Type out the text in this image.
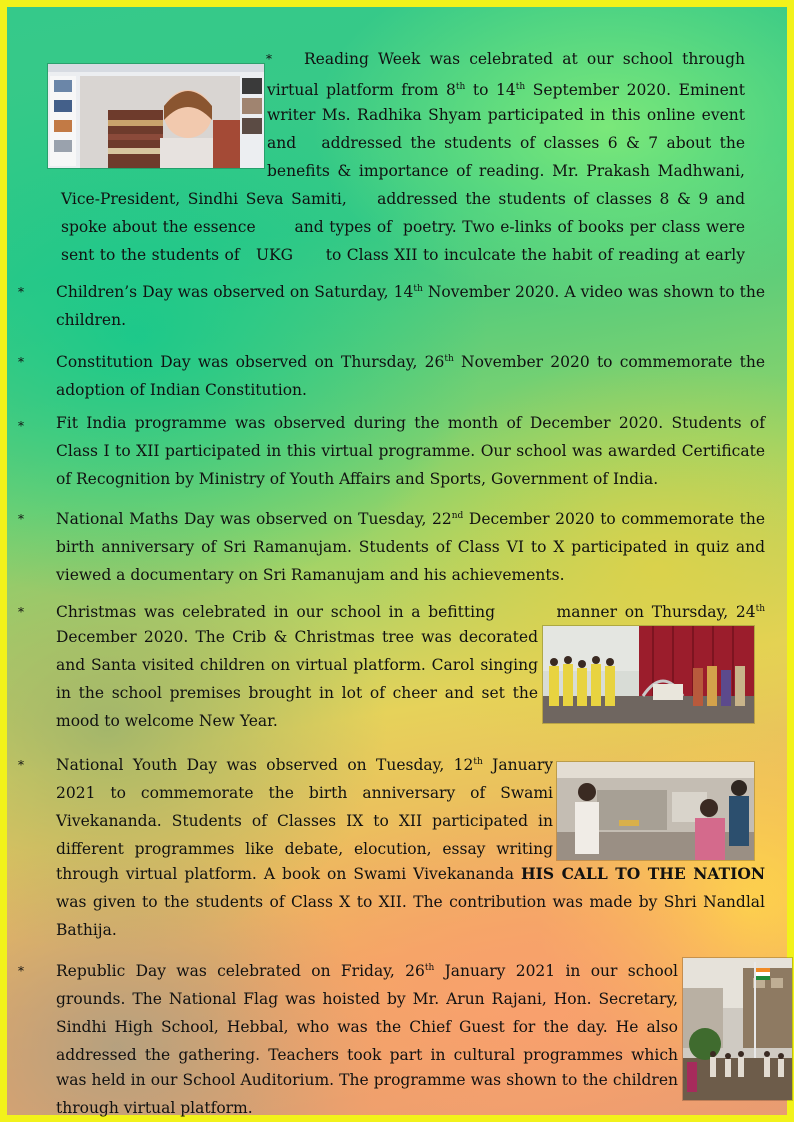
* Reading Week was celebrated at our school through
virtual platform from 8th to 14th September 2020. Eminent
writer Ms. Radhika Shyam participated in this online event
and   addressed the students of classes 6 & 7 about the
benefits & importance of reading. Mr. Prakash Madhwani,
Vice-President, Sindhi Seva Samiti,    addressed the students of classes 8 & 9 and
spoke about the essence       and types of  poetry. Two e-links of books per class were
sent to the students of   UKG      to Class XII to inculcate the habit of reading at early
* Children’s Day was observed on Saturday, 14th November 2020. A video was shown to the children.

* Constitution Day was observed on Thursday, 26th November 2020 to commemorate the adoption of Indian Constitution.

* Fit India programme was observed during the month of December 2020. Students of Class I to XII participated in this virtual programme. Our school was awarded Certificate of Recognition by Ministry of Youth Affairs and Sports, Government of India.

* National Maths Day was observed on Tuesday, 22nd December 2020 to commemorate the birth anniversary of Sri Ramanujam. Students of Class VI to X participated in quiz and viewed a documentary on Sri Ramanujam and his achievements.

* Christmas was celebrated in our school in a befitting        manner on Thursday, 24th

December 2020. The Crib & Christmas tree was decorated and Santa visited children on virtual platform. Carol singing in the school premises brought in lot of cheer and set the mood to welcome New Year.

* National Youth Day was observed on Tuesday, 12th January 2021 to commemorate the birth anniversary of Swami Vivekananda. Students of Classes IX to XII participated in different programmes like debate, elocution, essay writing

through virtual platform. A book on Swami Vivekananda HIS CALL TO THE NATION was given to the students of Class X to XII. The contribution was made by Shri Nandlal Bathija.

* Republic Day was celebrated on Friday, 26th January 2021 in our school grounds. The National Flag was hoisted by Mr. Arun Rajani, Hon. Secretary, Sindhi High School, Hebbal, who was the Chief Guest for the day. He also addressed the gathering. Teachers took part in cultural programmes which

was held in our School Auditorium. The programme was shown to the children through virtual platform.
